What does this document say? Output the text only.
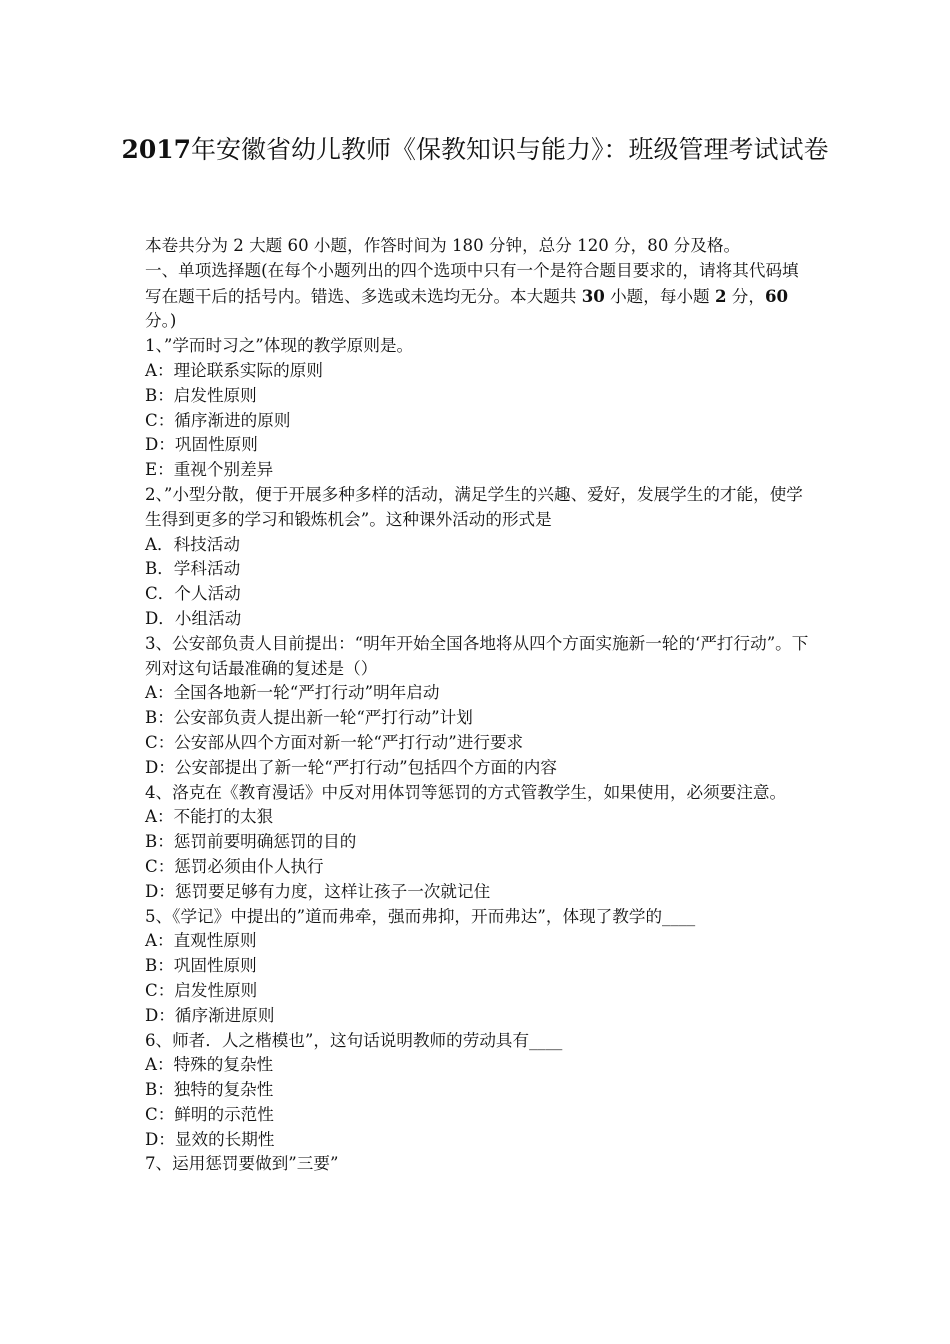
2017年安徽省幼儿教师《保教知识与能力》：班级管理考试试卷

本卷共分为 2 大题 60 小题，作答时间为 180 分钟，总分 120 分，80 分及格。

一、单项选择题(在每个小题列出的四个选项中只有一个是符合题目要求的，请将其代码填写在题干后的括号内。错选、多选或未选均无分。本大题共 30 小题，每小题 2 分，60 分。)

1、”学而时习之”体现的教学原则是。

A：理论联系实际的原则

B：启发性原则

C：循序渐进的原则

D：巩固性原则

E：重视个别差异

2、”小型分散，便于开展多种多样的活动，满足学生的兴趣、爱好，发展学生的才能，使学生得到更多的学习和锻炼机会”。这种课外活动的形式是

A．科技活动

B．学科活动

C．个人活动

D．小组活动

3、公安部负责人目前提出：“明年开始全国各地将从四个方面实施新一轮的‘严打行动”。下列对这句话最准确的复述是（）

A：全国各地新一轮“严打行动”明年启动

B：公安部负责人提出新一轮“严打行动”计划

C：公安部从四个方面对新一轮“严打行动”进行要求

D：公安部提出了新一轮“严打行动”包括四个方面的内容

4、洛克在《教育漫话》中反对用体罚等惩罚的方式管教学生，如果使用，必须要注意。

A：不能打的太狠

B：惩罚前要明确惩罚的目的

C：惩罚必须由仆人执行

D：惩罚要足够有力度，这样让孩子一次就记住

5、《学记》中提出的”道而弗牵，强而弗抑，开而弗达”，体现了教学的____

A：直观性原则

B：巩固性原则

C：启发性原则

D：循序渐进原则

6、师者．人之楷模也”，这句话说明教师的劳动具有____

A：特殊的复杂性

B：独特的复杂性

C：鲜明的示范性

D：显效的长期性

7、运用惩罚要做到”三要”
